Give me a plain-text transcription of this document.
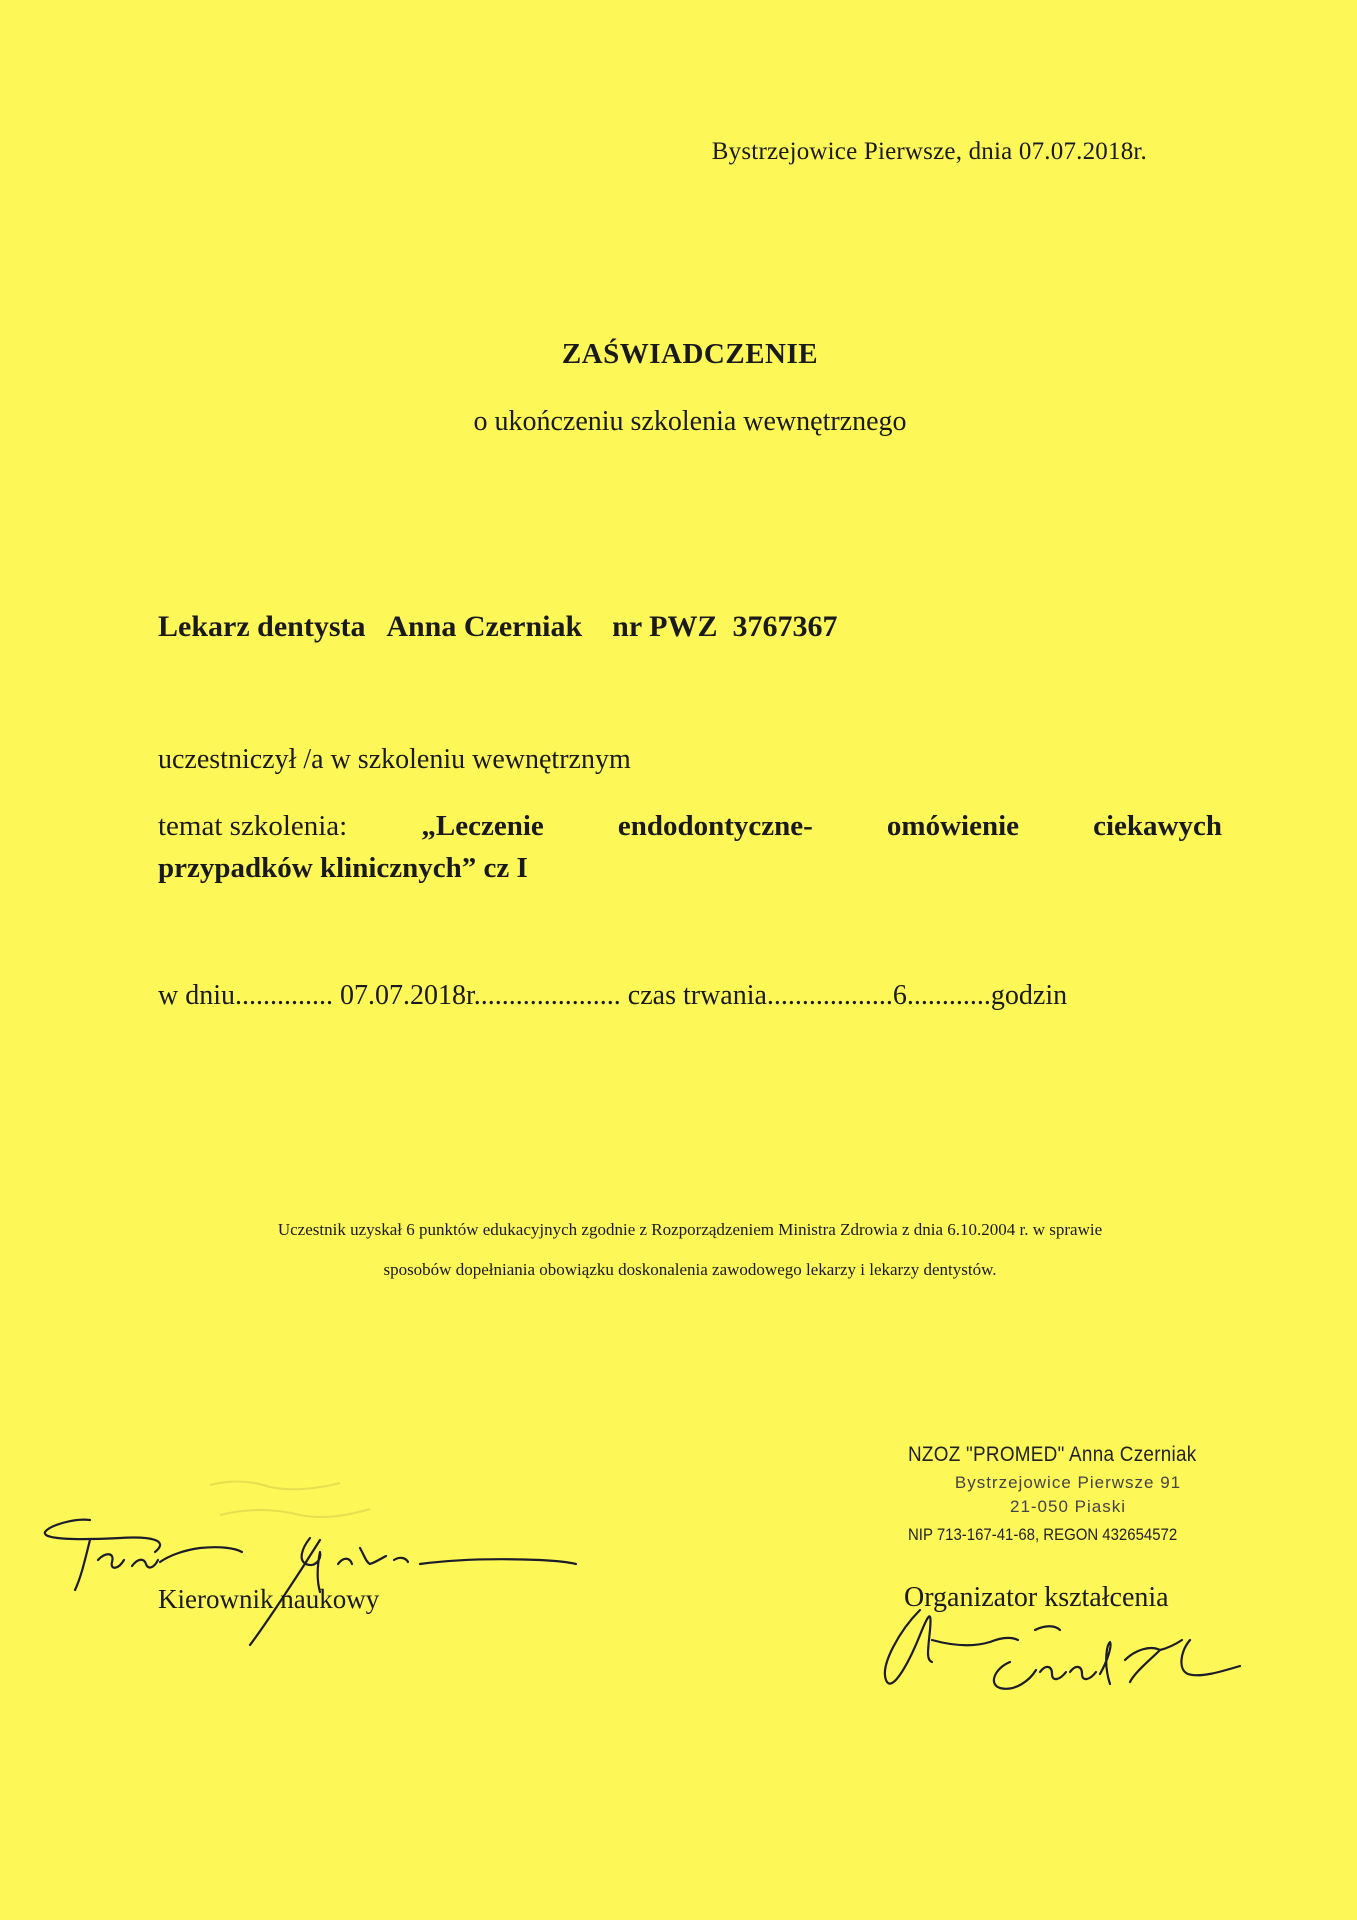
Bystrzejowice Pierwsze, dnia 07.07.2018r.
ZAŚWIADCZENIE
o ukończeniu szkolenia wewnętrznego
Lekarz dentysta   Anna Czerniak    nr PWZ  3767367
uczestniczył /a w szkoleniu wewnętrznym
temat szkolenia:	„Leczenie	endodontyczne-	omówienie	ciekawych
przypadków klinicznych” cz I
w dniu.............. 07.07.2018r..................... czas trwania..................6............godzin
Uczestnik uzyskał 6 punktów edukacyjnych zgodnie z Rozporządzeniem Ministra Zdrowia z dnia 6.10.2004 r. w sprawie
sposobów dopełniania obowiązku doskonalenia zawodowego lekarzy i lekarzy dentystów.
NZOZ "PROMED" Anna Czerniak
Bystrzejowice Pierwsze 91
21-050 Piaski
NIP 713-167-41-68, REGON 432654572
Kierownik naukowy	Organizator kształcenia
